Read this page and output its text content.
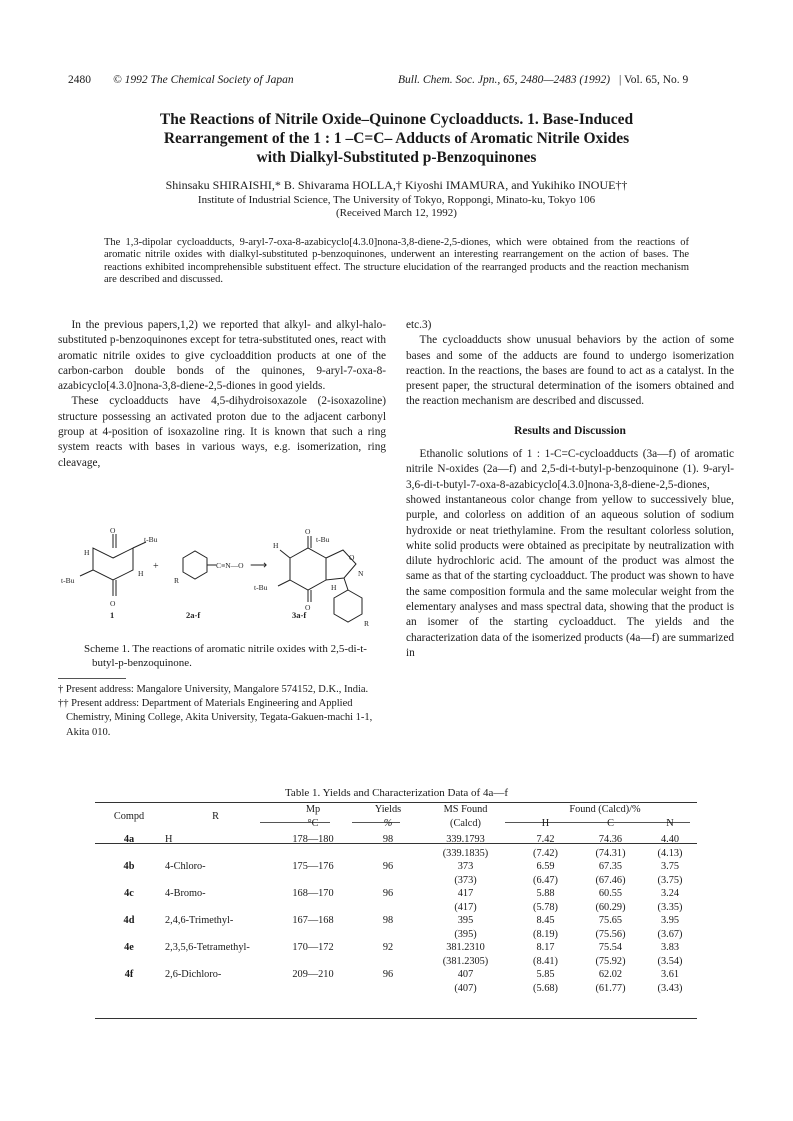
2480 © 1992 The Chemical Society of Japan	Bull. Chem. Soc. Jpn., 65, 2480—2483 (1992) | Vol. 65, No. 9
The Reactions of Nitrile Oxide–Quinone Cycloadducts. 1. Base-Induced
Rearrangement of the 1 : 1 –C=C– Adducts of Aromatic Nitrile Oxides
with Dialkyl-Substituted p-Benzoquinones
Shinsaku SHIRAISHI,* B. Shivarama HOLLA,† Kiyoshi IMAMURA, and Yukihiko INOUE††
Institute of Industrial Science, The University of Tokyo, Roppongi, Minato-ku, Tokyo 106
(Received March 12, 1992)
The 1,3-dipolar cycloadducts, 9-aryl-7-oxa-8-azabicyclo[4.3.0]nona-3,8-diene-2,5-diones, which were obtained from the reactions of aromatic nitrile oxides with dialkyl-substituted p-benzoquinones, underwent an interesting rearrangement on the action of bases. The reactions exhibited incomprehensible substituent effect. The structure elucidation of the rearranged products and the reaction mechanism are described and discussed.

In the previous papers,1,2) we reported that alkyl- and alkyl-halo-substituted p-benzoquinones except for tetra-substituted ones, react with aromatic nitrile oxides to give cycloaddition products at one of the carbon-carbon double bonds of the quinones, 9-aryl-7-oxa-8-azabicyclo[4.3.0]nona-3,8-diene-2,5-diones in good yields.

These cycloadducts have 4,5-dihydroisoxazole (2-isoxazoline) structure possessing an activated proton due to the adjacent carbonyl group at 4-position of isoxazoline ring. It is known that such a ring system reacts with bases in various ways, e.g. isomerization, ring cleavage,

O
O
H
H
t-Bu
t-Bu
+
R
C≡N—O ⟶
O
t-Bu
H
t-Bu
O
N
H
O
R
1	2a-f	3a-f
Scheme 1. The reactions of aromatic nitrile oxides with 2,5-di-t-butyl-p-benzoquinone.

† Present address: Mangalore University, Mangalore 574152, D.K., India.

†† Present address: Department of Materials Engineering and Applied Chemistry, Mining College, Akita University, Tegata-Gakuen-machi 1-1, Akita 010.

etc.3)

The cycloadducts show unusual behaviors by the action of some bases and some of the adducts are found to undergo isomerization reaction. In the reactions, the bases are found to act as a catalyst. In the present paper, the structural determination of the isomers obtained and the reaction mechanism are described and discussed.

Results and Discussion

Ethanolic solutions of 1 : 1-C=C-cycloadducts (3a—f) of aromatic nitrile N-oxides (2a—f) and 2,5-di-t-butyl-p-benzoquinone (1). 9-aryl-3,6-di-t-butyl-7-oxa-8-azabicyclo[4.3.0]nona-3,8-diene-2,5-diones, showed instantaneous color change from yellow to successively blue, purple, and colorless on addition of an aqueous solution of sodium hydroxide or neat triethylamine. From the resultant colorless solution, white solid products were obtained as precipitate by neutralization with dilute hydrochloric acid. The amount of the product was almost the same as that of the starting cycloadduct. The product was shown to have the same composition formula and the same molecular weight from the elementary analyses and mass spectral data, showing that the product is an isomer of the starting cycloadduct. The yields and the characterization data of the isomerized products (4a—f) are summarized in

Table 1. Yields and Characterization Data of 4a—f
Compd	R	Mp	Yields	MS Found	Found (Calcd)/%		
		°C	%	(Calcd)	H	C	N

4a	H	178—180	98	339.1793	7.42	74.36	4.40
				(339.1835)	(7.42)	(74.31)	(4.13)
4b	4-Chloro-	175—176	96	373	6.59	67.35	3.75
				(373)	(6.47)	(67.46)	(3.75)
4c	4-Bromo-	168—170	96	417	5.88	60.55	3.24
				(417)	(5.78)	(60.29)	(3.35)
4d	2,4,6-Trimethyl-	167—168	98	395	8.45	75.65	3.95
				(395)	(8.19)	(75.56)	(3.67)
4e	2,3,5,6-Tetramethyl-	170—172	92	381.2310	8.17	75.54	3.83
				(381.2305)	(8.41)	(75.92)	(3.54)
4f	2,6-Dichloro-	209—210	96	407	5.85	62.02	3.61
				(407)	(5.68)	(61.77)	(3.43)
